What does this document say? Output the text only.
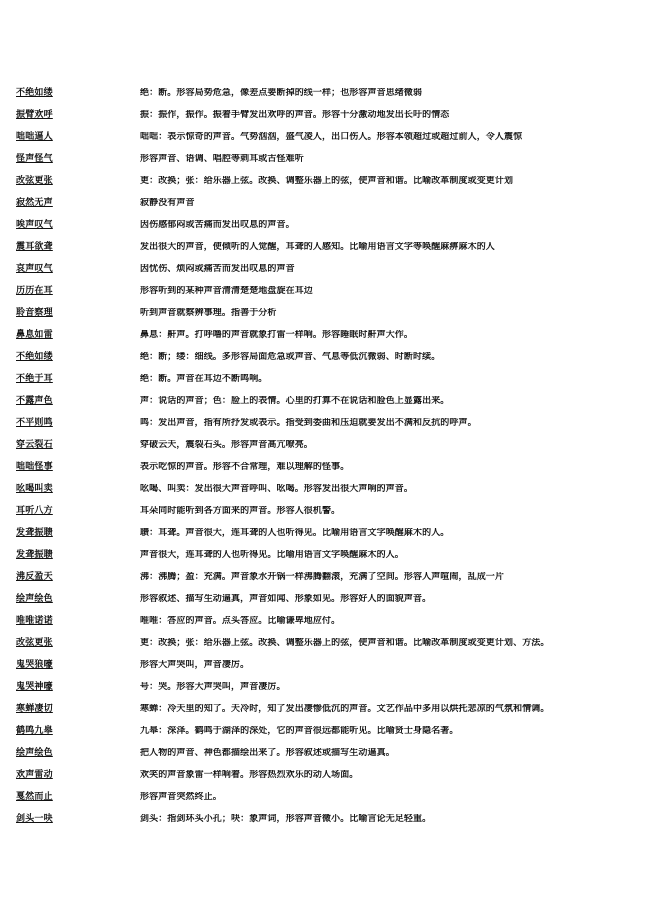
不绝如缕	绝：断。形容局势危急，像差点要断掉的线一样；也形容声音思绪微弱
振臂欢呼	振：振作，振作。振着手臂发出欢呼的声音。形容十分激动地发出长吁的情态
咄咄逼人	咄咄：表示惊奇的声音。气势汹汹，盛气凌人，出口伤人。形容本领超过或超过前人，令人震惊
怪声怪气	形容声音、语调、唱腔等刺耳或古怪难听
改弦更张	更：改换；张：给乐器上弦。改换、调整乐器上的弦，使声音和谐。比喻改革制度或变更计划
寂然无声	寂静没有声音
唉声叹气	因伤感郁闷或苦痛而发出叹息的声音。
震耳欲聋	发出很大的声音，使倾听的人觉醒，耳聋的人感知。比喻用语言文字等唤醒麻痹麻木的人
哀声叹气	因忧伤、烦闷或痛苦而发出叹息的声音
历历在耳	形容听到的某种声音清清楚楚地盘旋在耳边
聆音察理	听到声音就察辨事理。指善于分析
鼻息如雷	鼻息：鼾声。打呼噜的声音就象打雷一样响。形容睡眠时鼾声大作。
不绝如缕	绝：断；缕：细线。多形容局面危急或声音、气息等低沉微弱、时断时续。
不绝于耳	绝：断。声音在耳边不断鸣响。
不露声色	声：说话的声音；色：脸上的表情。心里的打算不在说话和脸色上显露出来。
不平则鸣	鸣：发出声音，指有所抒发或表示。指受到委曲和压迫就要发出不满和反抗的呼声。
穿云裂石	穿破云天，震裂石头。形容声音高亢嘹亮。
咄咄怪事	表示吃惊的声音。形容不合常理，难以理解的怪事。
吆喝叫卖	吆喝、叫卖：发出很大声音呼叫、吆喝。形容发出很大声响的声音。
耳听八方	耳朵同时能听到各方面来的声音。形容人很机警。
发聋振聩	聩：耳聋。声音很大，连耳聋的人也听得见。比喻用语言文字唤醒麻木的人。
发聋振聩	声音很大，连耳聋的人也听得见。比喻用语言文字唤醒麻木的人。
沸反盈天	沸：沸腾；盈：充满。声音象水开锅一样沸腾翻滚，充满了空间。形容人声喧闹，乱成一片
绘声绘色	形容叙述、描写生动逼真，声音如闻、形象如见。形容好人的面貌声音。
唯唯诺诺	唯唯：答应的声音。点头答应。比喻谦卑地应付。
改弦更张	更：改换；张：给乐器上弦。改换、调整乐器上的弦，使声音和谐。比喻改革制度或变更计划、方法。
鬼哭狼嚎	形容大声哭叫，声音凄厉。
鬼哭神嚎	号：哭。形容大声哭叫，声音凄厉。
寒蝉凄切	寒蝉：冷天里的知了。天冷时，知了发出凄惨低沉的声音。文艺作品中多用以烘托悲凉的气氛和情调。
鹤鸣九皋	九皋：深泽。鹤鸣于湖泽的深处，它的声音很远都能听见。比喻贤士身隐名著。
绘声绘色	把人物的声音、神色都描绘出来了。形容叙述或描写生动逼真。
欢声雷动	欢笑的声音象雷一样响着。形容热烈欢乐的动人场面。
戛然而止	形容声音突然终止。
剑头一吷	剑头：指剑环头小孔；吷：象声词，形容声音微小。比喻言论无足轻重。
